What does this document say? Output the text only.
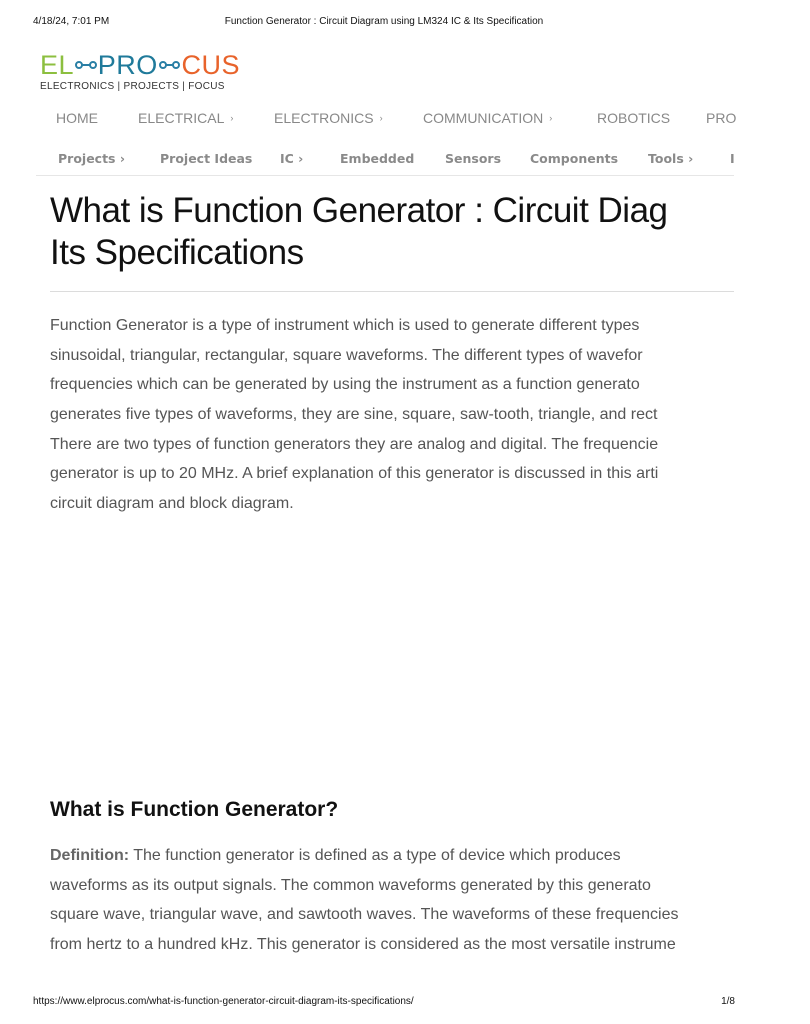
4/18/24, 7:01 PM	Function Generator : Circuit Diagram using LM324 IC & Its Specification
EL PRO CUS
ELECTRONICS | PROJECTS | FOCUS
HOME	ELECTRICAL ›	ELECTRONICS ›	COMMUNICATION ›	ROBOTICS	PRO
Projects ›	Project Ideas IC ›	Embedded Sensors Components Tools ›	I
What is Function Generator : Circuit Diag
Its Specifications
Function Generator is a type of instrument which is used to generate different types
sinusoidal, triangular, rectangular, square waveforms. The different types of wavefor
frequencies which can be generated by using the instrument as a function generato
generates five types of waveforms, they are sine, square, saw-tooth, triangle, and rect
There are two types of function generators they are analog and digital. The frequencie
generator is up to 20 MHz. A brief explanation of this generator is discussed in this arti
circuit diagram and block diagram.
What is Function Generator?
Definition: The function generator is defined as a type of device which produces
waveforms as its output signals. The common waveforms generated by this generato
square wave, triangular wave, and sawtooth waves. The waveforms of these frequencies
from hertz to a hundred kHz. This generator is considered as the most versatile instrume
https://www.elprocus.com/what-is-function-generator-circuit-diagram-its-specifications/	1/8
